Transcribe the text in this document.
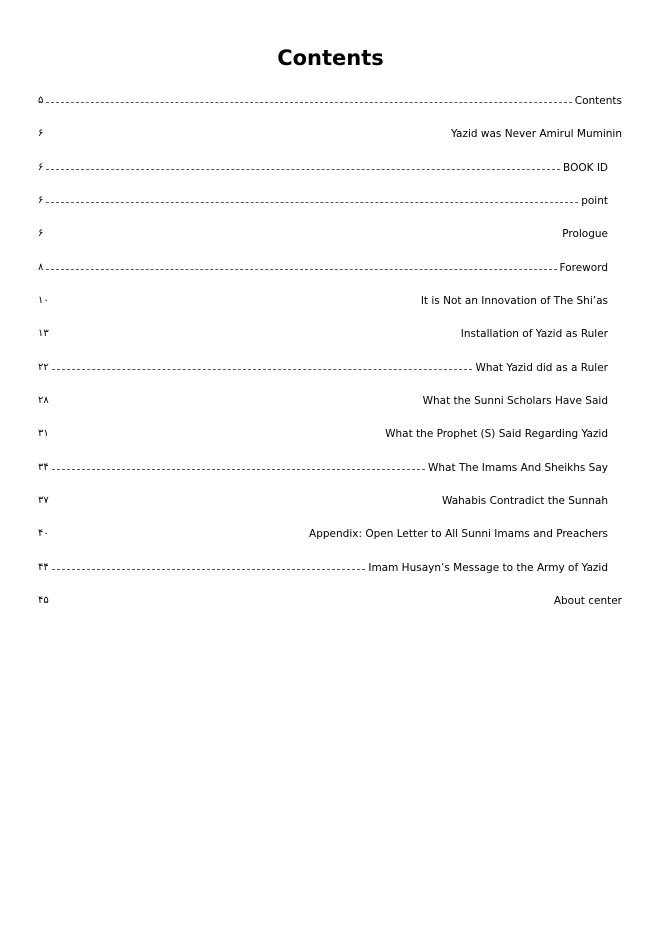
Contents
۵	Contents
۶	Yazid was Never Amirul Muminin
۶	BOOK ID
۶	point
۶	Prologue
۸	Foreword
۱۰	It is Not an Innovation of The Shi’as
۱۳	Installation of Yazid as Ruler
۲۲	What Yazid did as a Ruler
۲۸	What the Sunni Scholars Have Said
۳۱	What the Prophet (S) Said Regarding Yazid
۳۴	What The Imams And Sheikhs Say
۳۷	Wahabis Contradict the Sunnah
۴۰	Appendix: Open Letter to All Sunni Imams and Preachers
۴۴	Imam Husayn’s Message to the Army of Yazid
۴۵	About center
